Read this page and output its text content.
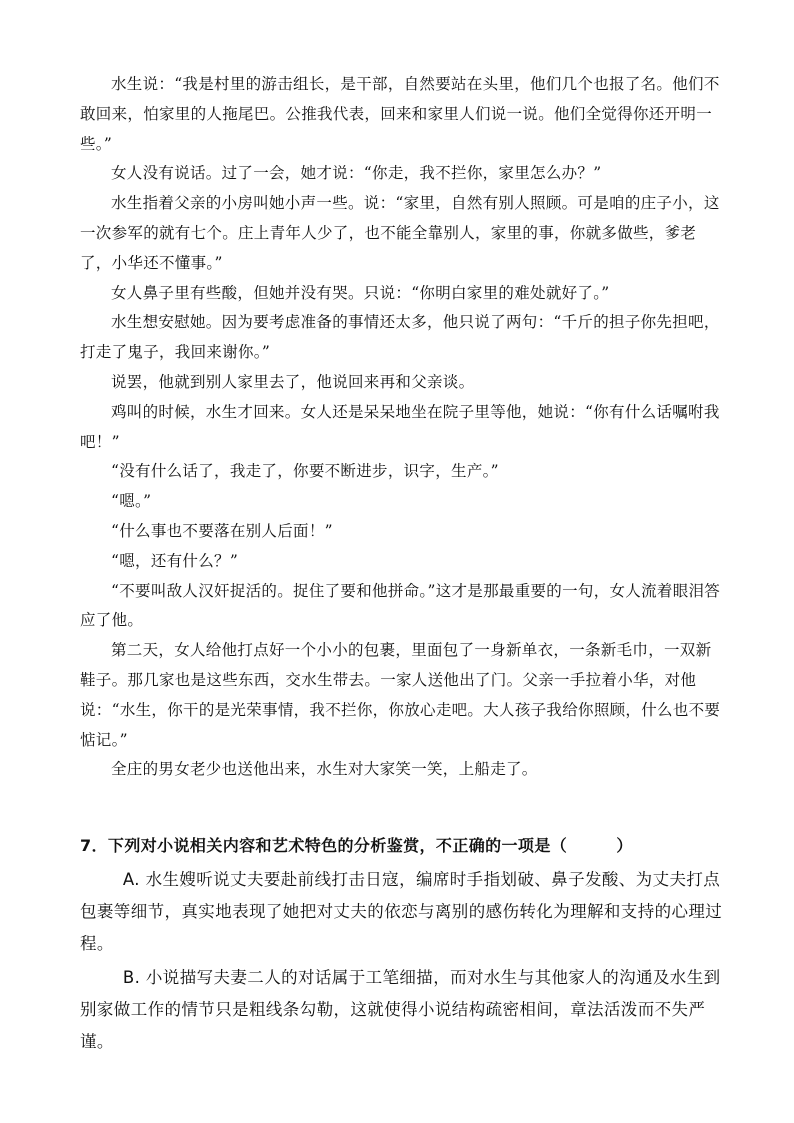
水生说：“我是村里的游击组长，是干部，自然要站在头里，他们几个也报了名。他们不敢回来，怕家里的人拖尾巴。公推我代表，回来和家里人们说一说。他们全觉得你还开明一些。”

女人没有说话。过了一会，她才说：“你走，我不拦你，家里怎么办？”

水生指着父亲的小房叫她小声一些。说：“家里，自然有别人照顾。可是咱的庄子小，这一次参军的就有七个。庄上青年人少了，也不能全靠别人，家里的事，你就多做些，爹老了，小华还不懂事。”

女人鼻子里有些酸，但她并没有哭。只说：“你明白家里的难处就好了。”

水生想安慰她。因为要考虑准备的事情还太多，他只说了两句：“千斤的担子你先担吧，打走了鬼子，我回来谢你。”

说罢，他就到别人家里去了，他说回来再和父亲谈。

鸡叫的时候，水生才回来。女人还是呆呆地坐在院子里等他，她说：“你有什么话嘱咐我吧！”

“没有什么话了，我走了，你要不断进步，识字，生产。”

“嗯。”

“什么事也不要落在别人后面！”

“嗯，还有什么？”

“不要叫敌人汉奸捉活的。捉住了要和他拼命。”这才是那最重要的一句，女人流着眼泪答应了他。

第二天，女人给他打点好一个小小的包裹，里面包了一身新单衣，一条新毛巾，一双新鞋子。那几家也是这些东西，交水生带去。一家人送他出了门。父亲一手拉着小华，对他说：“水生，你干的是光荣事情，我不拦你，你放心走吧。大人孩子我给你照顾，什么也不要惦记。”

全庄的男女老少也送他出来，水生对大家笑一笑，上船走了。

7．下列对小说相关内容和艺术特色的分析鉴赏，不正确的一项是（　　　）

A. 水生嫂听说丈夫要赴前线打击日寇，编席时手指划破、鼻子发酸、为丈夫打点包裹等细节，真实地表现了她把对丈夫的依恋与离别的感伤转化为理解和支持的心理过程。

B. 小说描写夫妻二人的对话属于工笔细描，而对水生与其他家人的沟通及水生到别家做工作的情节只是粗线条勾勒，这就使得小说结构疏密相间，章法活泼而不失严谨。
